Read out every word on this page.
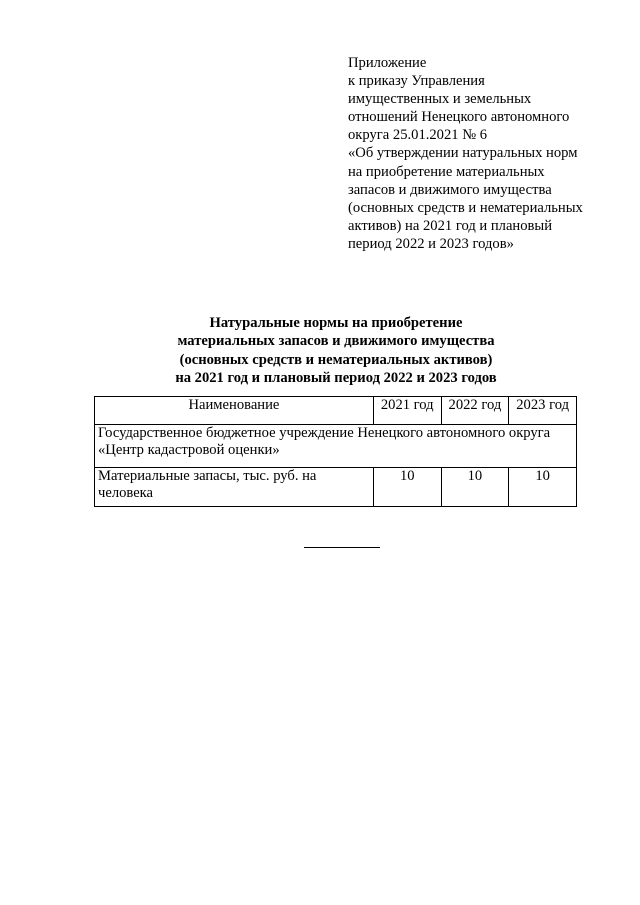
Приложение
к приказу Управления
имущественных и земельных
отношений Ненецкого автономного
округа 25.01.2021 № 6
«Об утверждении натуральных норм
на приобретение материальных
запасов и движимого имущества
(основных средств и нематериальных
активов) на 2021 год и плановый
период 2022 и 2023 годов»
Натуральные нормы на приобретение
материальных запасов и движимого имущества
(основных средств и нематериальных активов)
на 2021 год и плановый период 2022 и 2023 годов
Наименование	2021 год	2022 год	2023 год

Государственное бюджетное учреждение Ненецкого автономного округа
«Центр кадастровой оценки»			

Материальные запасы, тыс. руб. на
человека	10	10	10
